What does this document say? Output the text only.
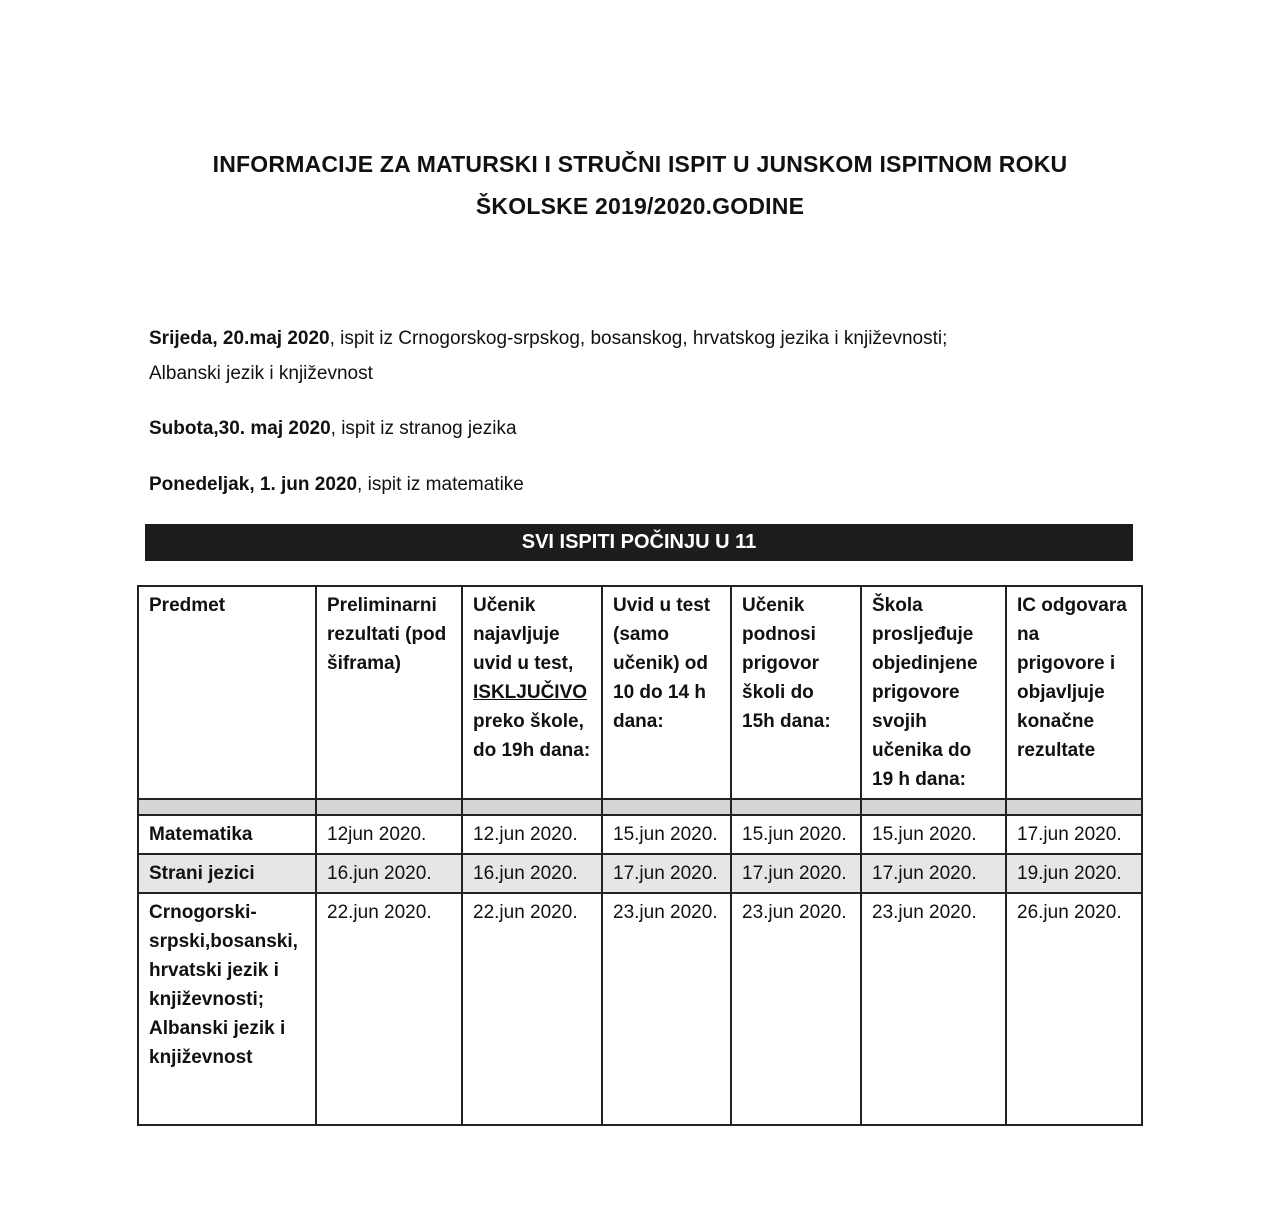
INFORMACIJE ZA MATURSKI I STRUČNI ISPIT U JUNSKOM ISPITNOM ROKU
ŠKOLSKE 2019/2020.GODINE
Srijeda, 20.maj 2020, ispit iz Crnogorskog-srpskog, bosanskog, hrvatskog jezika i književnosti;
Albanski jezik i književnost
Subota,30. maj 2020, ispit iz stranog jezika
Ponedeljak, 1. jun 2020, ispit iz matematike
SVI ISPITI POČINJU U 11
Predmet	Preliminarni rezultati (pod šiframa)	Učenik najavljuje uvid u test, ISKLJUČIVO preko škole, do 19h dana:	Uvid u test (samo učenik) od 10 do 14 h dana:	Učenik podnosi prigovor školi do 15h dana:	Škola prosljeđuje objedinjene prigovore svojih učenika do 19 h dana:	IC odgovara na prigovore i objavljuje konačne rezultate

Matematika	12jun 2020.	12.jun 2020.	15.jun 2020.	15.jun 2020.	15.jun 2020.	17.jun 2020.
Strani jezici	16.jun 2020.	16.jun 2020.	17.jun 2020.	17.jun 2020.	17.jun 2020.	19.jun 2020.
Crnogorski-srpski,bosanski, hrvatski jezik i književnosti; Albanski jezik i književnost	22.jun 2020.	22.jun 2020.	23.jun 2020.	23.jun 2020.	23.jun 2020.	26.jun 2020.
